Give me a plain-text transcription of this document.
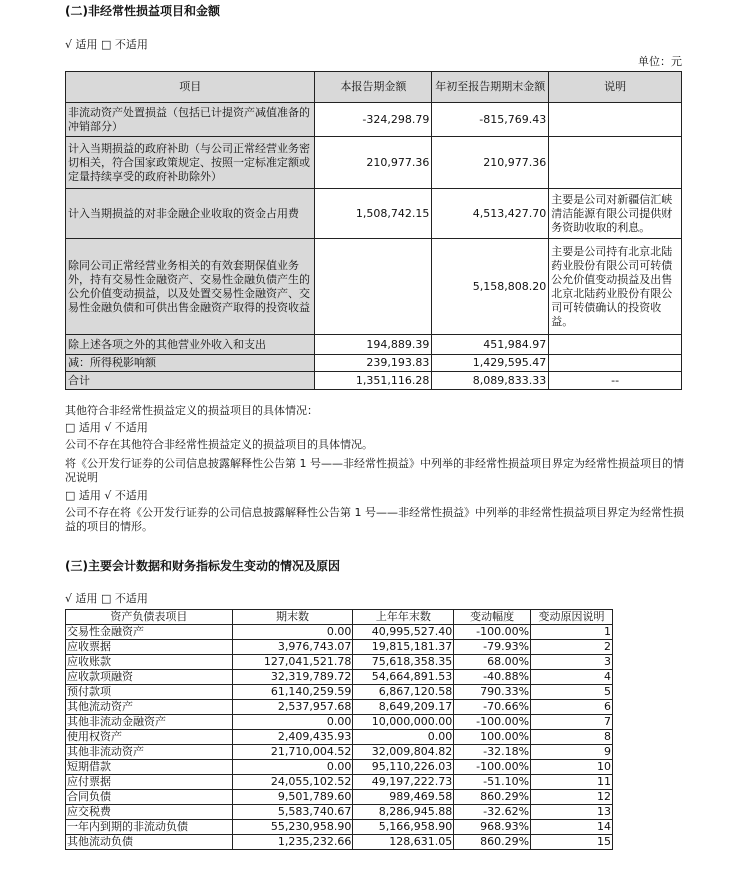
(二)非经常性损益项目和金额
√ 适用 □ 不适用
单位：元
项目	本报告期金额	年初至报告期期末金额	说明
非流动资产处置损益（包括已计提资产减值准备的冲销部分）	-324,298.79	-815,769.43	
计入当期损益的政府补助（与公司正常经营业务密切相关，符合国家政策规定、按照一定标准定额或定量持续享受的政府补助除外）	210,977.36	210,977.36	
计入当期损益的对非金融企业收取的资金占用费	1,508,742.15	4,513,427.70	主要是公司对新疆信汇峡清洁能源有限公司提供财务资助收取的利息。
除同公司正常经营业务相关的有效套期保值业务外，持有交易性金融资产、交易性金融负债产生的公允价值变动损益，以及处置交易性金融资产、交易性金融负债和可供出售金融资产取得的投资收益		5,158,808.20	主要是公司持有北京北陆药业股份有限公司可转债公允价值变动损益及出售北京北陆药业股份有限公司可转债确认的投资收益。
除上述各项之外的其他营业外收入和支出	194,889.39	451,984.97	
减：所得税影响额	239,193.83	1,429,595.47	
合计	1,351,116.28	8,089,833.33	--
其他符合非经常性损益定义的损益项目的具体情况：
□ 适用 √ 不适用
公司不存在其他符合非经常性损益定义的损益项目的具体情况。
将《公开发行证券的公司信息披露解释性公告第 1 号——非经常性损益》中列举的非经常性损益项目界定为经常性损益项目的情况说明
□ 适用 √ 不适用
公司不存在将《公开发行证券的公司信息披露解释性公告第 1 号——非经常性损益》中列举的非经常性损益项目界定为经常性损益的项目的情形。
(三)主要会计数据和财务指标发生变动的情况及原因
√ 适用 □ 不适用
资产负债表项目	期末数	上年年末数	变动幅度	变动原因说明
交易性金融资产	0.00	40,995,527.40	-100.00%	1
应收票据	3,976,743.07	19,815,181.37	-79.93%	2
应收账款	127,041,521.78	75,618,358.35	68.00%	3
应收款项融资	32,319,789.72	54,664,891.53	-40.88%	4
预付款项	61,140,259.59	6,867,120.58	790.33%	5
其他流动资产	2,537,957.68	8,649,209.17	-70.66%	6
其他非流动金融资产	0.00	10,000,000.00	-100.00%	7
使用权资产	2,409,435.93	0.00	100.00%	8
其他非流动资产	21,710,004.52	32,009,804.82	-32.18%	9
短期借款	0.00	95,110,226.03	-100.00%	10
应付票据	24,055,102.52	49,197,222.73	-51.10%	11
合同负债	9,501,789.60	989,469.58	860.29%	12
应交税费	5,583,740.67	8,286,945.88	-32.62%	13
一年内到期的非流动负债	55,230,958.90	5,166,958.90	968.93%	14
其他流动负债	1,235,232.66	128,631.05	860.29%	15
